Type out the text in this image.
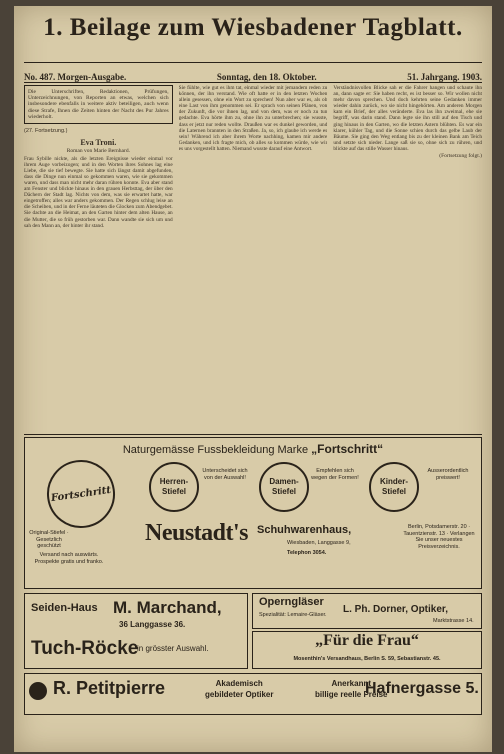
1. Beilage zum Wiesbadener Tagblatt.
No. 487. Morgen-Ausgabe.	Sonntag, den 18. Oktober.	51. Jahrgang. 1903.
Die Unterschriften, Redaktionen, Prüfungen, Unterzeichnungen, von Reporten an etwas, welchen sich insbesondere ebenfalls in weitere aktiv beteiligen, auch wenn diese Strafe, Ihnen die Zeiten hinten der Nacht des Pur Jahres wiederholt.
(27. Fortsetzung.)
Eva Troni.
Roman von Marie Bernhard.

Frau Sybille nickte, als die letzten Ereignisse wieder einmal vor ihrem Auge vorbeizogen; und in den Worten ihres Sohnes lag eine Liebe, die sie tief bewegte. Sie hatte sich längst damit abgefunden, dass die Dinge nun einmal so gekommen waren, wie sie gekommen waren, und dass man nicht mehr daran rühren konnte. Eva aber stand am Fenster und blickte hinaus in den grauen Herbsttag, der über den Dächern der Stadt lag. Nichts von dem, was sie erwartet hatte, war eingetroffen; alles war anders gekommen. Der Regen schlug leise an die Scheiben, und in der Ferne läuteten die Glocken zum Abendgebet. Sie dachte an die Heimat, an den Garten hinter dem alten Hause, an die Mutter, die so früh gestorben war. Dann wandte sie sich um und sah den Mann an, der hinter ihr stand.

Sie fühlte, wie gut es ihm tat, einmal wieder mit jemandem reden zu können, der ihn verstand. Wie oft hatte er in den letzten Wochen allein gesessen, ohne ein Wort zu sprechen! Nun aber war es, als ob eine Last von ihm genommen sei. Er sprach von seinen Plänen, von der Zukunft, die vor ihnen lag, und von dem, was er noch zu tun gedachte. Eva hörte ihm zu, ohne ihn zu unterbrechen; sie wusste, dass er jetzt nur reden wollte. Draußen war es dunkel geworden, und die Laternen brannten in den Straßen. Ja, so, ich glaube ich werde es sein! Während ich aber ihrem Worte nachhing, kamen mir andere Gedanken, und ich fragte mich, ob alles so kommen würde, wie wir es uns vorgestellt hatten. Niemand wusste darauf eine Antwort.

Verständnisvollen Blicke sah er die Fahrer hangen und schaute ihn an, dann sagte er: Sie haben recht, es ist besser so. Wir wollen nicht mehr davon sprechen. Und doch kehrten seine Gedanken immer wieder dahin zurück, wo sie nicht hingehörten. Am anderen Morgen kam ein Brief, der alles veränderte. Eva las ihn zweimal, ehe sie begriff, was darin stand. Dann legte sie ihn still auf den Tisch und ging hinaus in den Garten, wo die letzten Astern blühten. Es war ein klarer, kühler Tag, und die Sonne schien durch das gelbe Laub der Bäume. Sie ging den Weg entlang bis zu der kleinen Bank am Teich und setzte sich nieder. Lange saß sie so, ohne sich zu rühren, und blickte auf das stille Wasser hinaus.

(Fortsetzung folgt.)
Naturgemässe Fussbekleidung Marke „Fortschritt“
Fortschritt
Original-Stiefel · Gesetzlich geschützt
Versand nach auswärts. Prospekte gratis und franko.
Herren-Stiefel
Unterscheidet sich von der Auswahl!	Damen-Stiefel
Empfehlen sich wegen der Formen!	Kinder-Stiefel
Ausserordentlich preiswert!
Neustadt's Schuhwarenhaus,
Wiesbaden, Langgasse 9,
Telephon 3054.
Berlin, Potsdamerstr. 20 · Tauentzienstr. 13 · Verlangen Sie unser neuestes Preisverzeichnis.
Seiden-Haus M. Marchand,
36 Langgasse 36.
Tuch-Röcke
in grösster Auswahl.
Operngläser
Spezialität: Lemaire-Gläser. L. Ph. Dorner, Optiker,
Marktstrasse 14.
„Für die Frau“
Mosenthin's Versandhaus, Berlin S. 59, Sebastianstr. 45.
R. Petitpierre	Akademisch
gebildeter Optiker
Anerkannt
billige reelle Preise
Hafnergasse 5.
